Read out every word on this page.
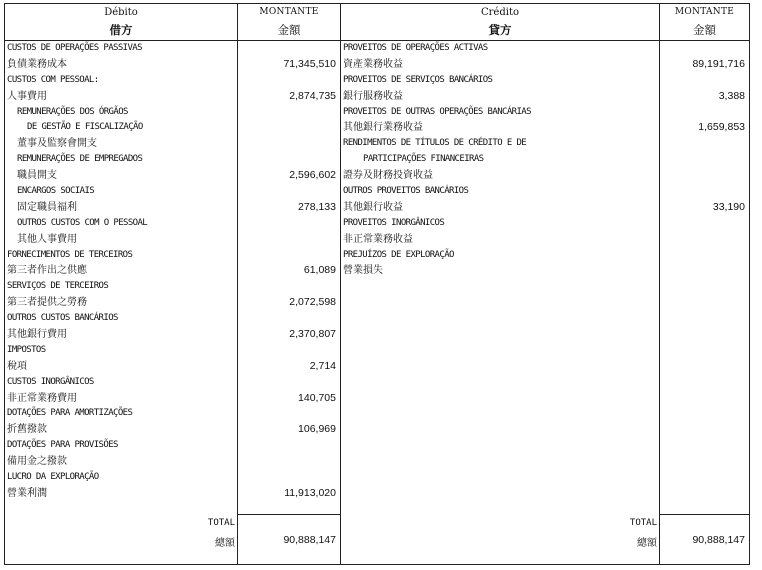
Débito
借方
CUSTOS DE OPERAÇÕES PASSIVAS
負債業務成本
CUSTOS COM PESSOAL:
人事費用
REMUNERAÇÕES DOS ÓRGÃOS
DE GESTÃO E FISCALIZAÇÃO
董事及監察會開支
REMUNERAÇÕES DE EMPREGADOS
職員開支
ENCARGOS SOCIAIS
固定職員福利
OUTROS CUSTOS COM O PESSOAL
其他人事費用
FORNECIMENTOS DE TERCEIROS
第三者作出之供應
SERVIÇOS DE TERCEIROS
第三者提供之勞務
OUTROS CUSTOS BANCÁRIOS
其他銀行費用
IMPOSTOS
稅項
CUSTOS INORGÂNICOS
非正常業務費用
DOTAÇÕES PARA AMORTIZAÇÕES
折舊撥款
DOTAÇÕES PARA PROVISÕES
備用金之撥款
LUCRO DA EXPLORAÇÃO
營業利潤
TOTAL
總額
MONTANTE
金額
71,345,510
2,874,735
2,596,602
278,133
61,089
2,072,598
2,370,807
2,714
140,705
106,969
11,913,020
90,888,147
Crédito
貸方
PROVEITOS DE OPERAÇÕES ACTIVAS
資產業務收益
PROVEITOS DE SERVIÇOS BANCÁRIOS
銀行服務收益
PROVEITOS DE OUTRAS OPERAÇÕES BANCÁRIAS
其他銀行業務收益
RENDIMENTOS DE TÍTULOS DE CRÉDITO E DE
PARTICIPAÇÕES FINANCEIRAS
證券及財務投資收益
OUTROS PROVEITOS BANCÁRIOS
其他銀行收益
PROVEITOS INORGÂNICOS
非正常業務收益
PREJUÍZOS DE EXPLORAÇÃO
營業損失
TOTAL
總額
MONTANTE
金額
89,191,716
3,388
1,659,853
33,190
90,888,147
